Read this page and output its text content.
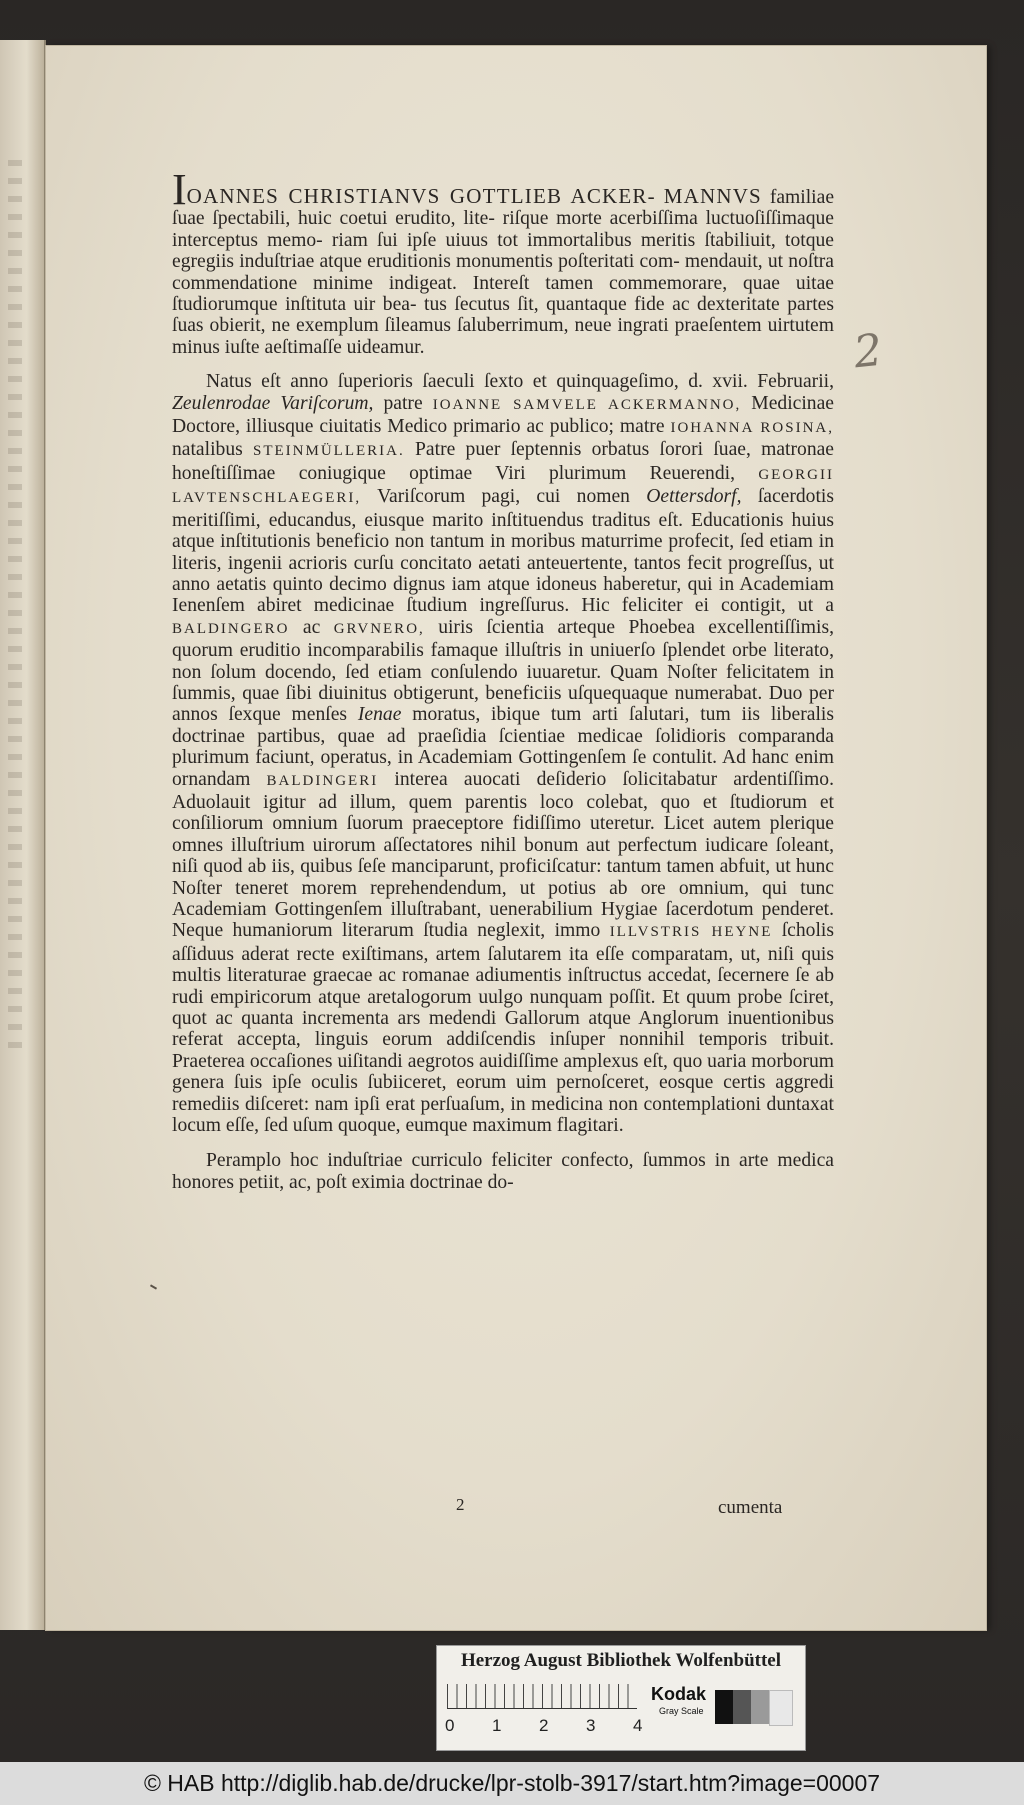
2

IOANNES CHRISTIANVS GOTTLIEB ACKER- MANNVS familiae ſuae ſpectabili, huic coetui erudito, lite- riſque morte acerbiſſima luctuoſiſſimaque interceptus memo- riam ſui ipſe uiuus tot immortalibus meritis ſtabiliuit, totque egregiis induſtriae atque eruditionis monumentis poſteritati com- mendauit, ut noſtra commendatione minime indigeat. Intereſt tamen commemorare, quae uitae ſtudiorumque inſtituta uir bea- tus ſecutus ſit, quantaque fide ac dexteritate partes ſuas obierit, ne exemplum ſileamus ſaluberrimum, neue ingrati praeſentem uirtutem minus iuſte aeſtimaſſe uideamur.

Natus eſt anno ſuperioris ſaeculi ſexto et quinquageſimo, d. xvii. Februarii, Zeulenrodae Variſcorum, patre IOANNE SAMVELE ACKERMANNO, Medicinae Doctore, illiusque ciuitatis Medico primario ac publico; matre IOHANNA ROSINA, natalibus STEINMÜLLERIA. Patre puer ſeptennis orbatus ſorori ſuae, matronae honeſtiſſimae coniugique optimae Viri plurimum Reuerendi, GEORGII LAVTENSCHLAEGERI, Variſcorum pagi, cui nomen Oettersdorf, ſacerdotis meritiſſimi, educandus, eiusque marito inſtituendus traditus eſt. Educationis huius atque inſtitutionis beneficio non tantum in moribus maturrime profecit, ſed etiam in literis, ingenii acrioris curſu concitato aetati anteuertente, tantos fecit progreſſus, ut anno aetatis quinto decimo dignus iam atque idoneus haberetur, qui in Academiam Ienenſem abiret medicinae ſtudium ingreſſurus. Hic feliciter ei contigit, ut a BALDINGERO ac GRVNERO, uiris ſcientia arteque Phoebea excellentiſſimis, quorum eruditio incomparabilis famaque illuſtris in uniuerſo ſplendet orbe literato, non ſolum docendo, ſed etiam conſulendo iuuaretur. Quam Noſter felicitatem in ſummis, quae ſibi diuinitus obtigerunt, beneficiis uſquequaque numerabat. Duo per annos ſexque menſes Ienae moratus, ibique tum arti ſalutari, tum iis liberalis doctrinae partibus, quae ad praeſidia ſcientiae medicae ſolidioris comparanda plurimum faciunt, operatus, in Academiam Gottingenſem ſe contulit. Ad hanc enim ornandam BALDINGERI interea auocati deſiderio ſolicitabatur ardentiſſimo. Aduolauit igitur ad illum, quem parentis loco colebat, quo et ſtudiorum et conſiliorum omnium ſuorum praeceptore fidiſſimo uteretur. Licet autem plerique omnes illuſtrium uirorum aſſectatores nihil bonum aut perfectum iudicare ſoleant, niſi quod ab iis, quibus ſeſe manciparunt, proficiſcatur: tantum tamen abfuit, ut hunc Noſter teneret morem reprehendendum, ut potius ab ore omnium, qui tunc Academiam Gottingenſem illuſtrabant, uenerabilium Hygiae ſacerdotum penderet. Neque humaniorum literarum ſtudia neglexit, immo ILLVSTRIS HEYNE ſcholis aſſiduus aderat recte exiſtimans, artem ſalutarem ita eſſe comparatam, ut, niſi quis multis literaturae graecae ac romanae adiumentis inſtructus accedat, ſecernere ſe ab rudi empiricorum atque aretalogorum uulgo nunquam poſſit. Et quum probe ſciret, quot ac quanta incrementa ars medendi Gallorum atque Anglorum inuentionibus referat accepta, linguis eorum addiſcendis inſuper nonnihil temporis tribuit. Praeterea occaſiones uiſitandi aegrotos auidiſſime amplexus eſt, quo uaria morborum genera ſuis ipſe oculis ſubiiceret, eorum uim pernoſceret, eosque certis aggredi remediis diſceret: nam ipſi erat perſuaſum, in medicina non contemplationi duntaxat locum eſſe, ſed uſum quoque, eumque maximum flagitari.

Peramplo hoc induſtriae curriculo feliciter confecto, ſummos in arte medica honores petiit, ac, poſt eximia doctrinae do-

2	cumenta
Herzog August Bibliothek Wolfenbüttel
0 1 2 3 4
Kodak
Gray Scale
© HAB http://diglib.hab.de/drucke/lpr-stolb-3917/start.htm?image=00007
